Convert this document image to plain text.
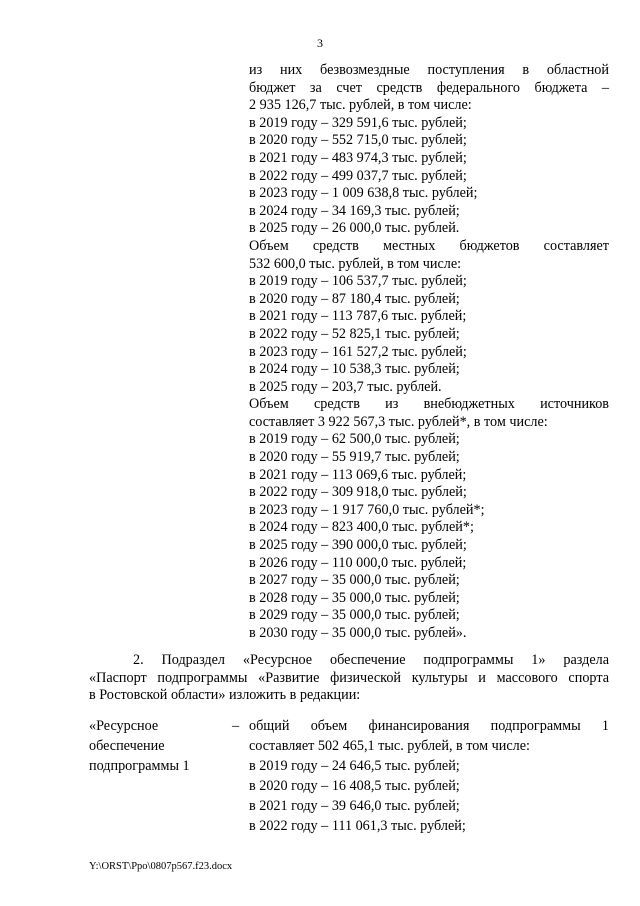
3
из них безвозмездные поступления в областной
бюджет за счет средств федерального бюджета –
2 935 126,7 тыс. рублей, в том числе:
в 2019 году – 329 591,6 тыс. рублей;
в 2020 году – 552 715,0 тыс. рублей;
в 2021 году – 483 974,3 тыс. рублей;
в 2022 году – 499 037,7 тыс. рублей;
в 2023 году – 1 009 638,8 тыс. рублей;
в 2024 году – 34 169,3 тыс. рублей;
в 2025 году – 26 000,0 тыс. рублей.
Объем средств местных бюджетов составляет
532 600,0 тыс. рублей, в том числе:
в 2019 году – 106 537,7 тыс. рублей;
в 2020 году – 87 180,4 тыс. рублей;
в 2021 году – 113 787,6 тыс. рублей;
в 2022 году – 52 825,1 тыс. рублей;
в 2023 году – 161 527,2 тыс. рублей;
в 2024 году – 10 538,3 тыс. рублей;
в 2025 году – 203,7 тыс. рублей.
Объем средств из внебюджетных источников
составляет 3 922 567,3 тыс. рублей*, в том числе:
в 2019 году – 62 500,0 тыс. рублей;
в 2020 году – 55 919,7 тыс. рублей;
в 2021 году – 113 069,6 тыс. рублей;
в 2022 году – 309 918,0 тыс. рублей;
в 2023 году – 1 917 760,0 тыс. рублей*;
в 2024 году – 823 400,0 тыс. рублей*;
в 2025 году – 390 000,0 тыс. рублей;
в 2026 году – 110 000,0 тыс. рублей;
в 2027 году – 35 000,0 тыс. рублей;
в 2028 году – 35 000,0 тыс. рублей;
в 2029 году – 35 000,0 тыс. рублей;
в 2030 году – 35 000,0 тыс. рублей».
2. Подраздел «Ресурсное обеспечение подпрограммы 1» раздела
«Паспорт подпрограммы «Развитие физической культуры и массового спорта
в Ростовской области» изложить в редакции:
«Ресурсное
обеспечение
подпрограммы 1
– общий объем финансирования подпрограммы 1
составляет 502 465,1 тыс. рублей, в том числе:
в 2019 году – 24 646,5 тыс. рублей;
в 2020 году – 16 408,5 тыс. рублей;
в 2021 году – 39 646,0 тыс. рублей;
в 2022 году – 111 061,3 тыс. рублей;
Y:\ORST\Ppo\0807p567.f23.docx
